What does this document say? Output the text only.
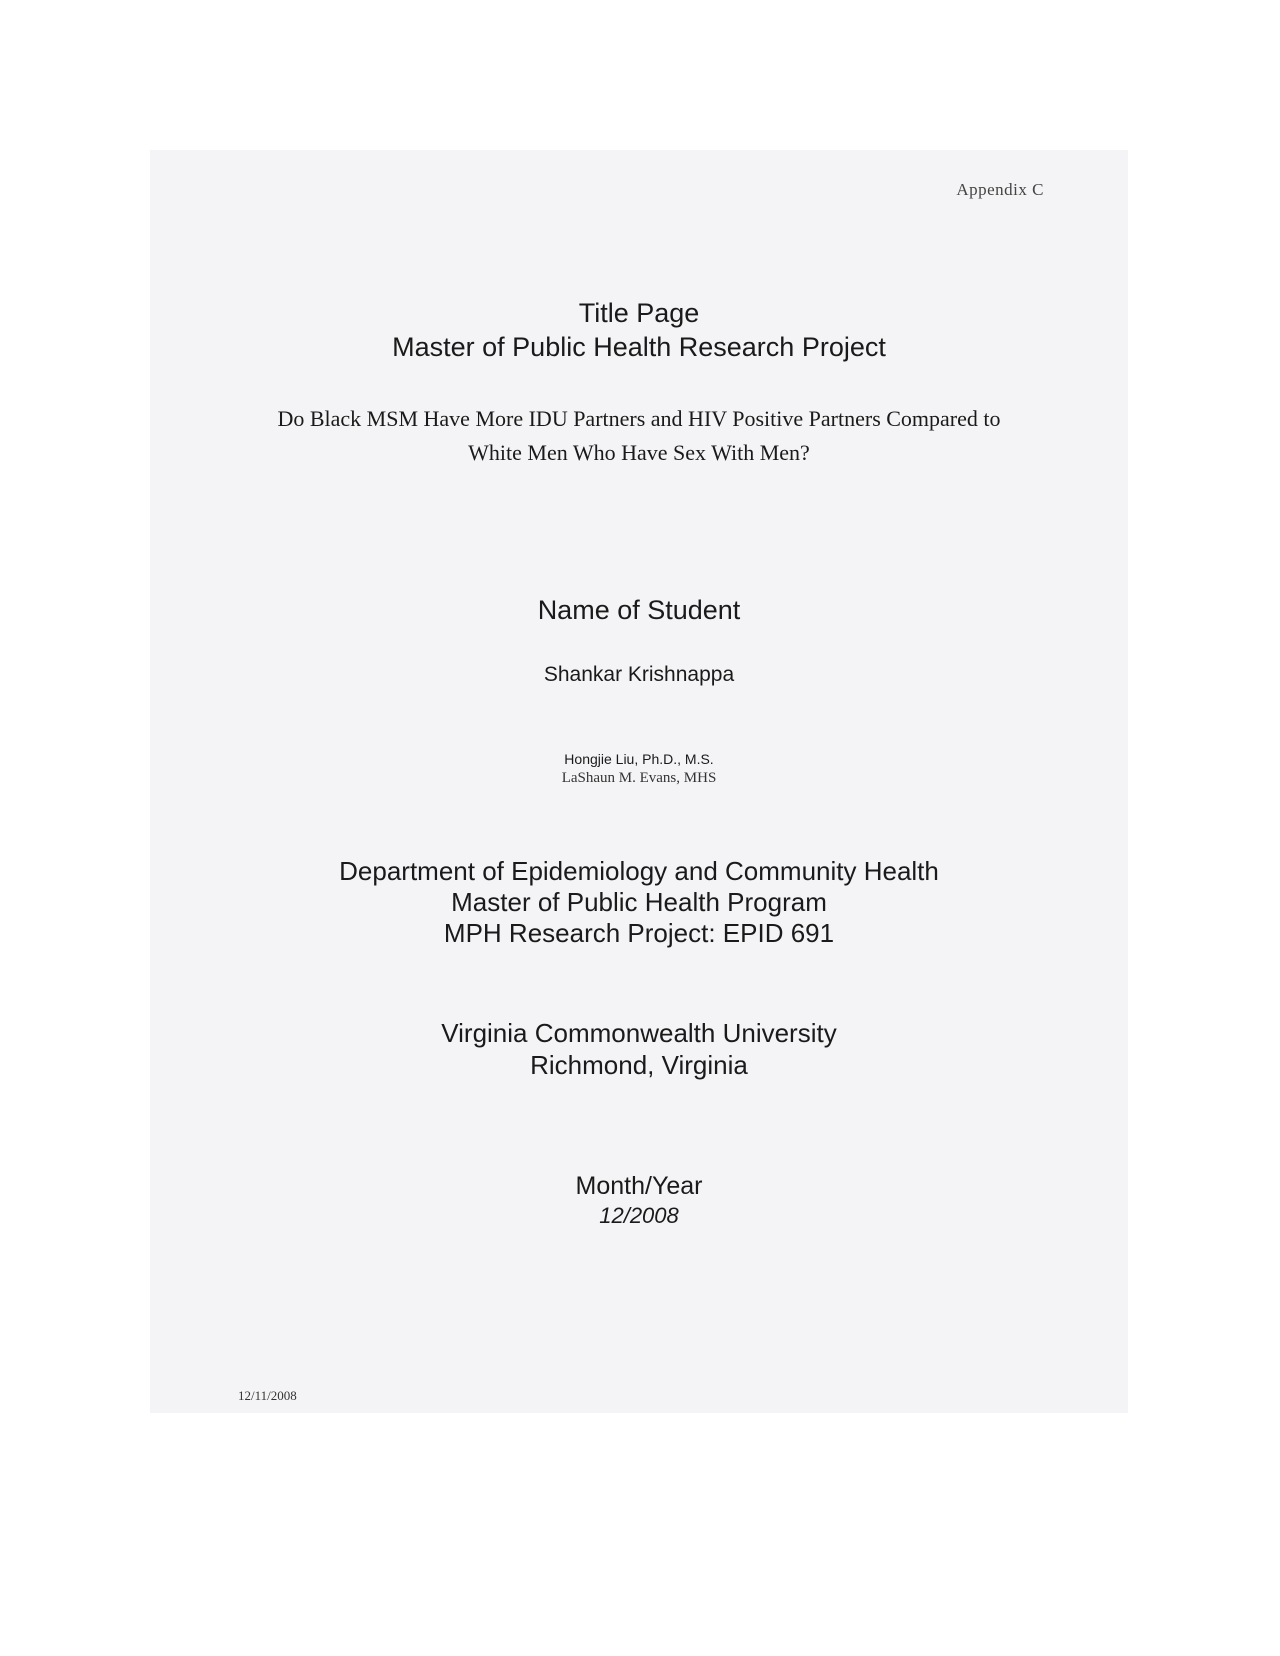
Appendix C
Title Page
Master of Public Health Research Project
Do Black MSM Have More IDU Partners and HIV Positive Partners Compared to White Men Who Have Sex With Men?
Name of Student
Shankar Krishnappa
Hongjie Liu, Ph.D., M.S.
LaShaun M. Evans, MHS
Department of Epidemiology and Community Health
Master of Public Health Program
MPH Research Project: EPID 691
Virginia Commonwealth University
Richmond, Virginia
Month/Year
12/2008
12/11/2008
